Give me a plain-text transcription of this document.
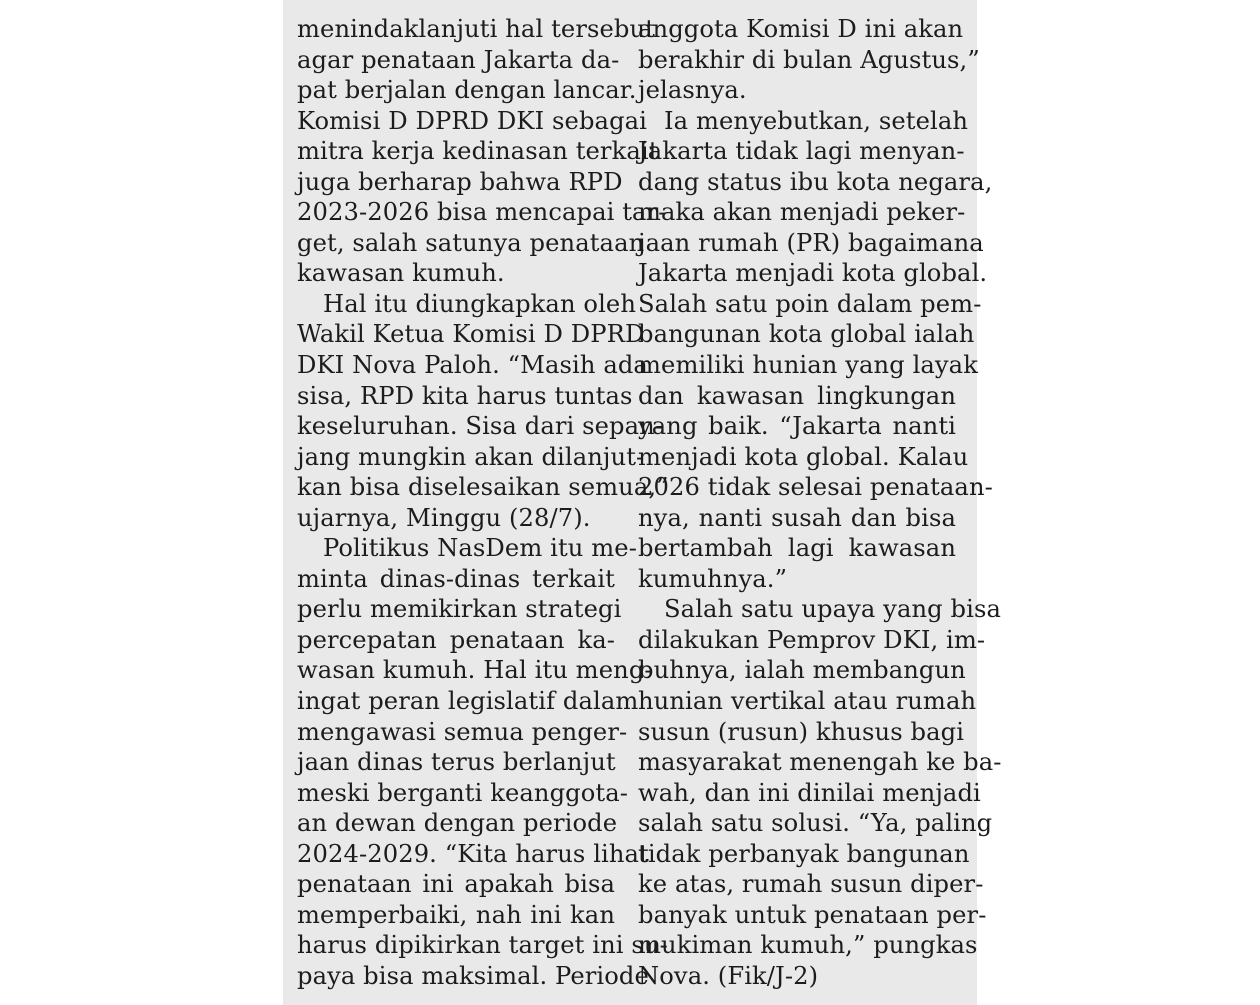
menindaklanjuti hal tersebut
agar penataan Jakarta da-
pat berjalan dengan lancar.
Komisi D DPRD DKI sebagai
mitra kerja kedinasan terkait
juga berharap bahwa RPD
2023-2026 bisa mencapai tar-
get, salah satunya penataan
kawasan kumuh.
Hal itu diungkapkan oleh
Wakil Ketua Komisi D DPRD
DKI Nova Paloh. “Masih ada
sisa, RPD kita harus tuntas
keseluruhan. Sisa dari sepan-
jang mungkin akan dilanjut-
kan bisa diselesaikan semua,”
ujarnya, Minggu (28/7).
Politikus NasDem itu me-
minta dinas-dinas terkait
perlu memikirkan strategi
percepatan penataan ka-
wasan kumuh. Hal itu meng-
ingat peran legislatif dalam
mengawasi semua penger-
jaan dinas terus berlanjut
meski berganti keanggota-
an dewan dengan periode
2024-2029. “Kita harus lihat
penataan ini apakah bisa
memperbaiki, nah ini kan
harus dipikirkan target ini su-
paya bisa maksimal. Periode
anggota Komisi D ini akan
berakhir di bulan Agustus,”
jelasnya.
Ia menyebutkan, setelah
Jakarta tidak lagi menyan-
dang status ibu kota negara,
maka akan menjadi peker-
jaan rumah (PR) bagaimana
Jakarta menjadi kota global.
Salah satu poin dalam pem-
bangunan kota global ialah
memiliki hunian yang layak
dan kawasan lingkungan
yang baik. “Jakarta nanti
menjadi kota global. Kalau
2026 tidak selesai penataan-
nya, nanti susah dan bisa
bertambah lagi kawasan
kumuhnya.”
Salah satu upaya yang bisa
dilakukan Pemprov DKI, im-
buhnya, ialah membangun
hunian vertikal atau rumah
susun (rusun) khusus bagi
masyarakat menengah ke ba-
wah, dan ini dinilai menjadi
salah satu solusi. “Ya, paling
tidak perbanyak bangunan
ke atas, rumah susun diper-
banyak untuk penataan per-
mukiman kumuh,” pungkas
Nova. (Fik/J-2)
